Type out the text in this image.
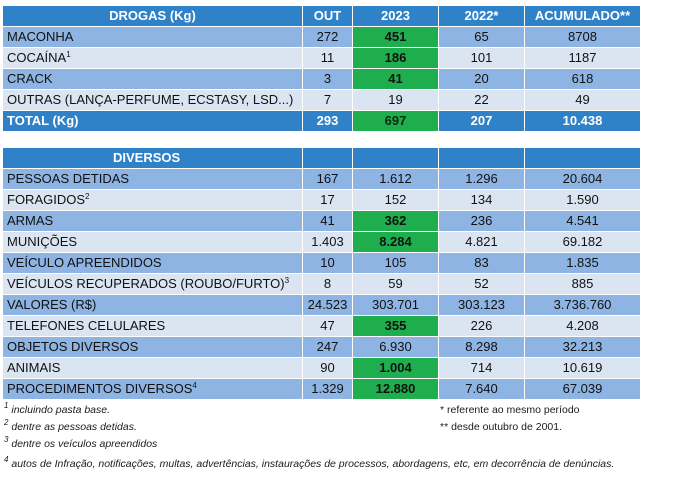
DROGAS (Kg)	OUT	2023	2022*	ACUMULADO**
MACONHA	272	451	65	8708
COCAÍNA$^1$	11	186	101	1187
CRACK	3	41	20	618
OUTRAS (LANÇA-PERFUME, ECSTASY, LSD...)	7	19	22	49
TOTAL (Kg)	293	697	207	10.438
DIVERSOS				
PESSOAS DETIDAS	167	1.612	1.296	20.604
FORAGIDOS$^2$	17	152	134	1.590
ARMAS	41	362	236	4.541
MUNIÇÕES	1.403	8.284	4.821	69.182
VEÍCULO APREENDIDOS	10	105	83	1.835
VEÍCULOS RECUPERADOS (ROUBO/FURTO)$^3$	8	59	52	885
VALORES (R$)	24.523	303.701	303.123	3.736.760
TELEFONES CELULARES	47	355	226	4.208
OBJETOS DIVERSOS	247	6.930	8.298	32.213
ANIMAIS	90	1.004	714	10.619
PROCEDIMENTOS DIVERSOS$^4$	1.329	12.880	7.640	67.039
$^1$ incluindo pasta base.
$^2$ dentre as pessoas detidas.
$^3$ dentre os veículos apreendidos
$^4$ autos de Infração, notificações, multas, advertências, instaurações de processos, abordagens, etc, em decorrência de denúncias.
* referente ao mesmo período
** desde outubro de 2001.
